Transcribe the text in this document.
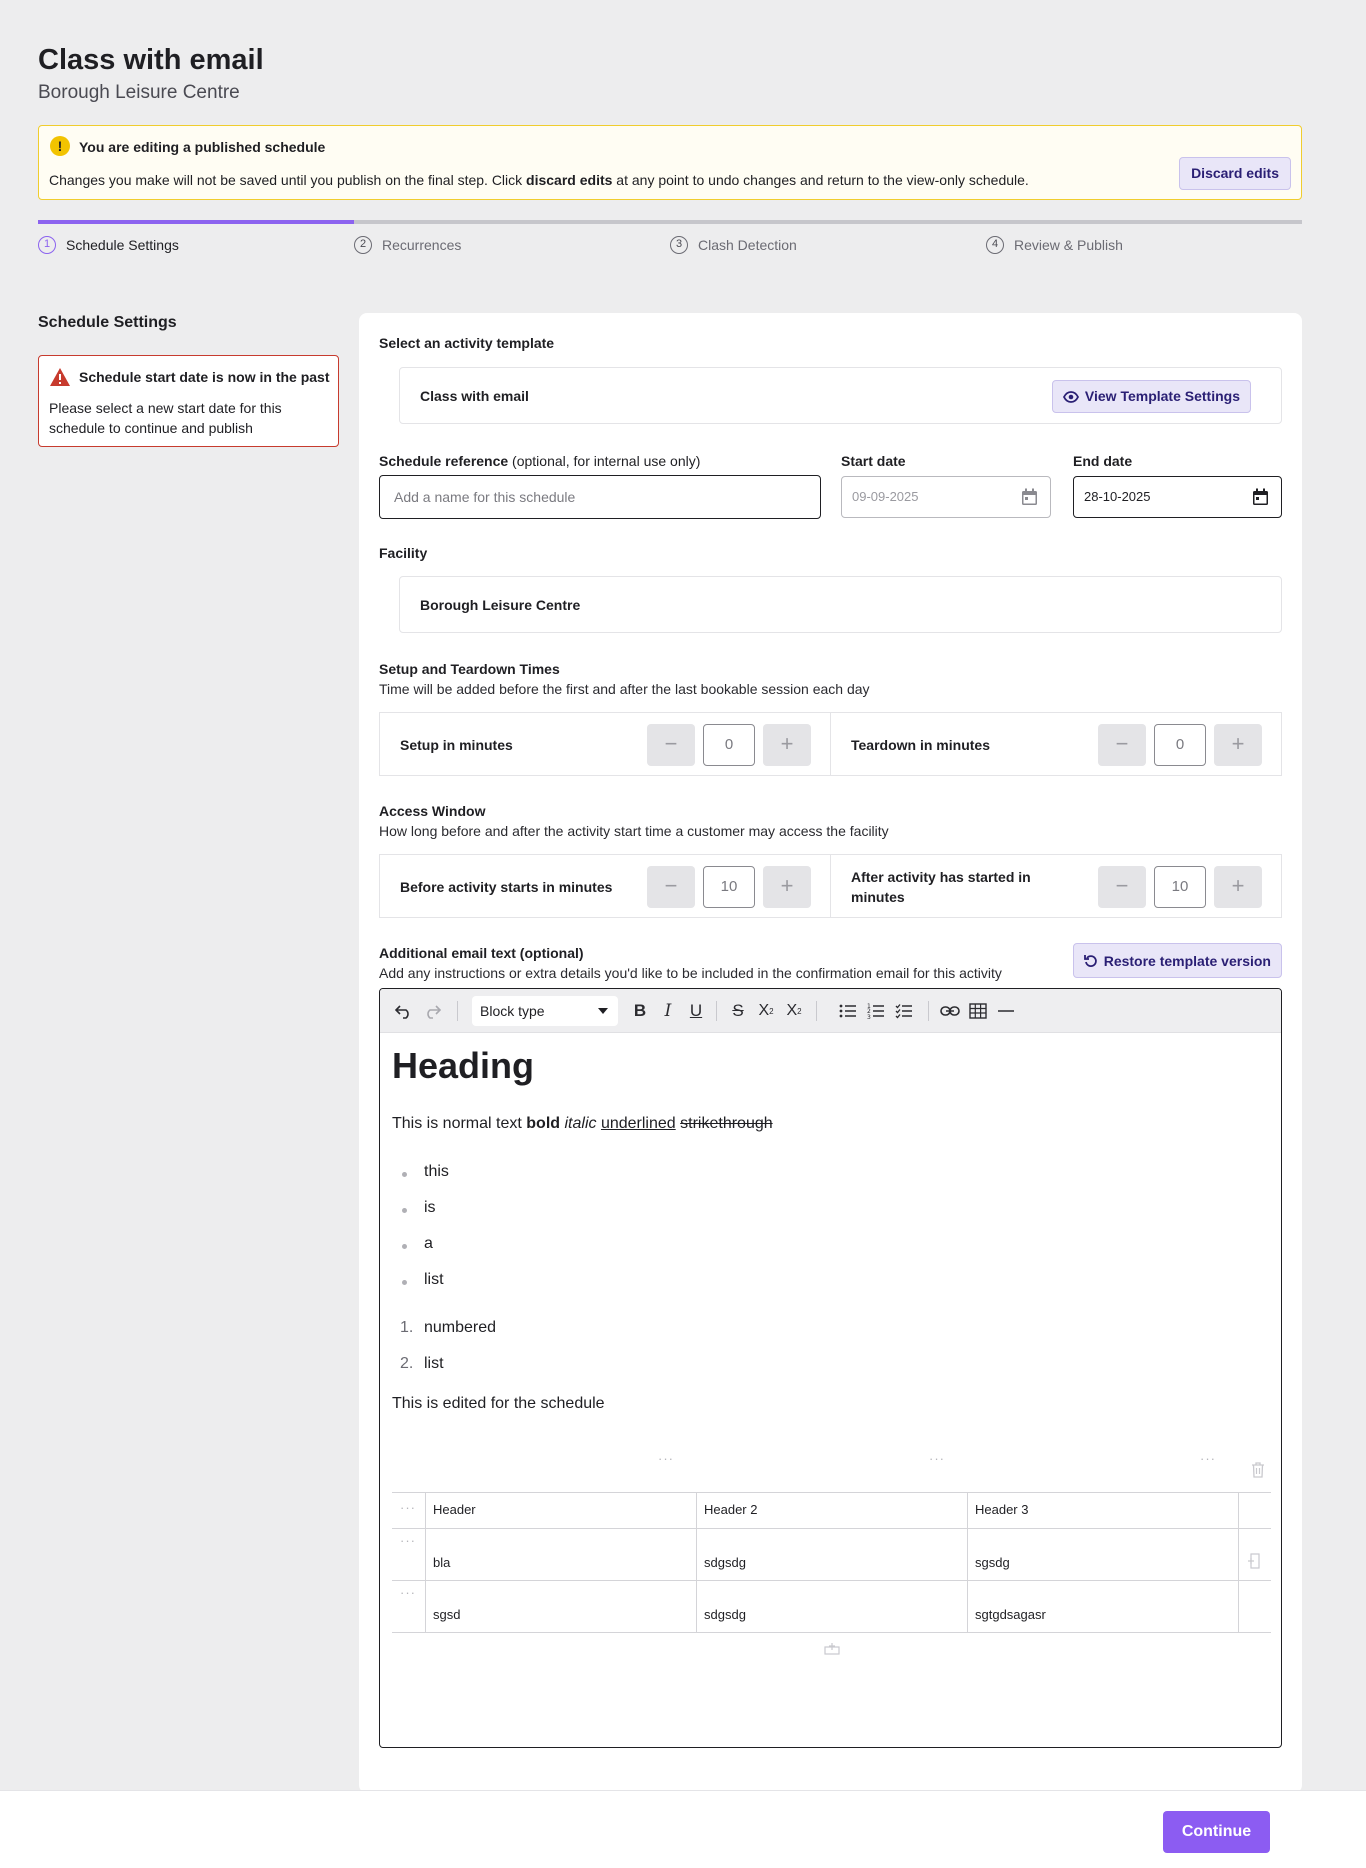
Class with email
Borough Leisure Centre
!	You are editing a published schedule
Changes you make will not be saved until you publish on the final step. Click discard edits at any point to undo changes and return to the view-only schedule.	Discard edits
1	Schedule Settings	2	Recurrences	3	Clash Detection	4	Review & Publish
Schedule Settings
Schedule start date is now in the past
Please select a new start date for this schedule to continue and publish
Select an activity template
Class with email	View Template Settings
Schedule reference (optional, for internal use only)
Add a name for this schedule	Start date
09-09-2025
End date
28-10-2025
Facility
Borough Leisure Centre
Setup and Teardown Times
Time will be added before the first and after the last bookable session each day
Setup in minutes	−	0	+	Teardown in minutes	−	0	+
Access Window
How long before and after the activity start time a customer may access the facility
Before activity starts in minutes	−	10	+	After activity has started in minutes	−	10	+
Additional email text (optional)
Add any instructions or extra details you'd like to be included in the confirmation email for this activity
Restore template version
Block type	B	I	U	S X 2 X 2	1
2
3
Heading
This is normal text bold italic underlined strikethrough
this
is
a
list
1. numbered
2. list
This is edited for the schedule
···	···	···
···	Header	Header 2	Header 3
···
bla	sdgsdg	sgsdg
···
sgsd	sdgsdg	sgtgdsagasr
Continue
